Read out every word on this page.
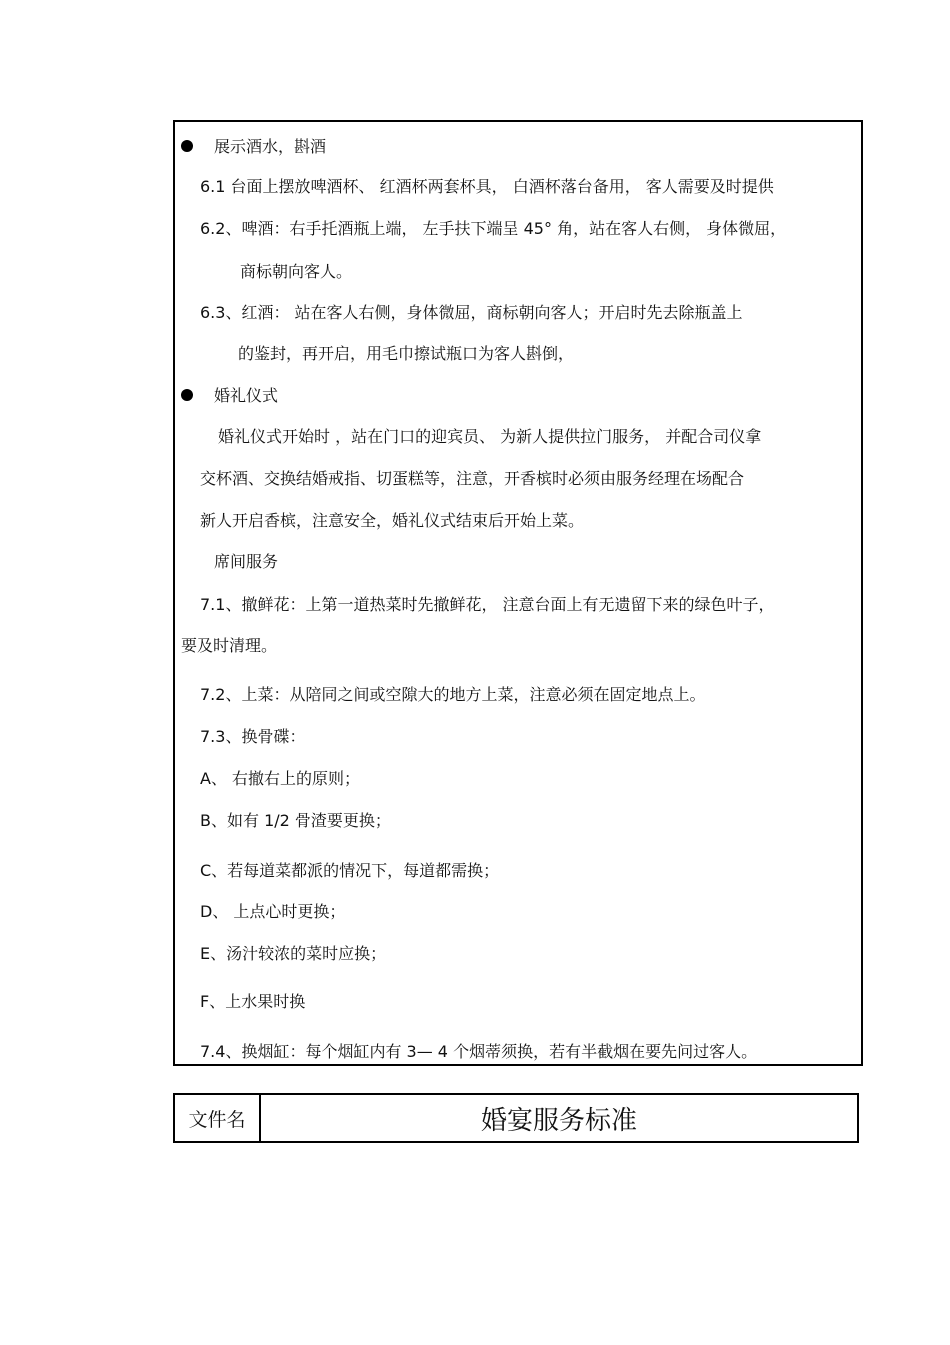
展示酒水，斟酒
6.1 台面上摆放啤酒杯、 红酒杯两套杯具， 白酒杯落台备用， 客人需要及时提供
6.2、啤酒：右手托酒瓶上端， 左手扶下端呈 45° 角，站在客人右侧， 身体微屈，
商标朝向客人。
6.3、红酒： 站在客人右侧，身体微屈，商标朝向客人；开启时先去除瓶盖上
的鉴封，再开启，用毛巾擦试瓶口为客人斟倒，
婚礼仪式
婚礼仪式开始时 ，站在门口的迎宾员、 为新人提供拉门服务， 并配合司仪拿
交杯酒、交换结婚戒指、切蛋糕等，注意，开香槟时必须由服务经理在场配合
新人开启香槟，注意安全，婚礼仪式结束后开始上菜。
席间服务
7.1、撤鲜花：上第一道热菜时先撤鲜花， 注意台面上有无遗留下来的绿色叶子，
要及时清理。
7.2、上菜：从陪同之间或空隙大的地方上菜，注意必须在固定地点上。
7.3、换骨碟：
A、 右撤右上的原则；
B、如有 1/2 骨渣要更换；
C、若每道菜都派的情况下，每道都需换；
D、 上点心时更换；
E、汤汁较浓的菜时应换；
F、上水果时换
7.4、换烟缸：每个烟缸内有 3— 4 个烟蒂须换，若有半截烟在要先问过客人。
文件名	婚宴服务标准
